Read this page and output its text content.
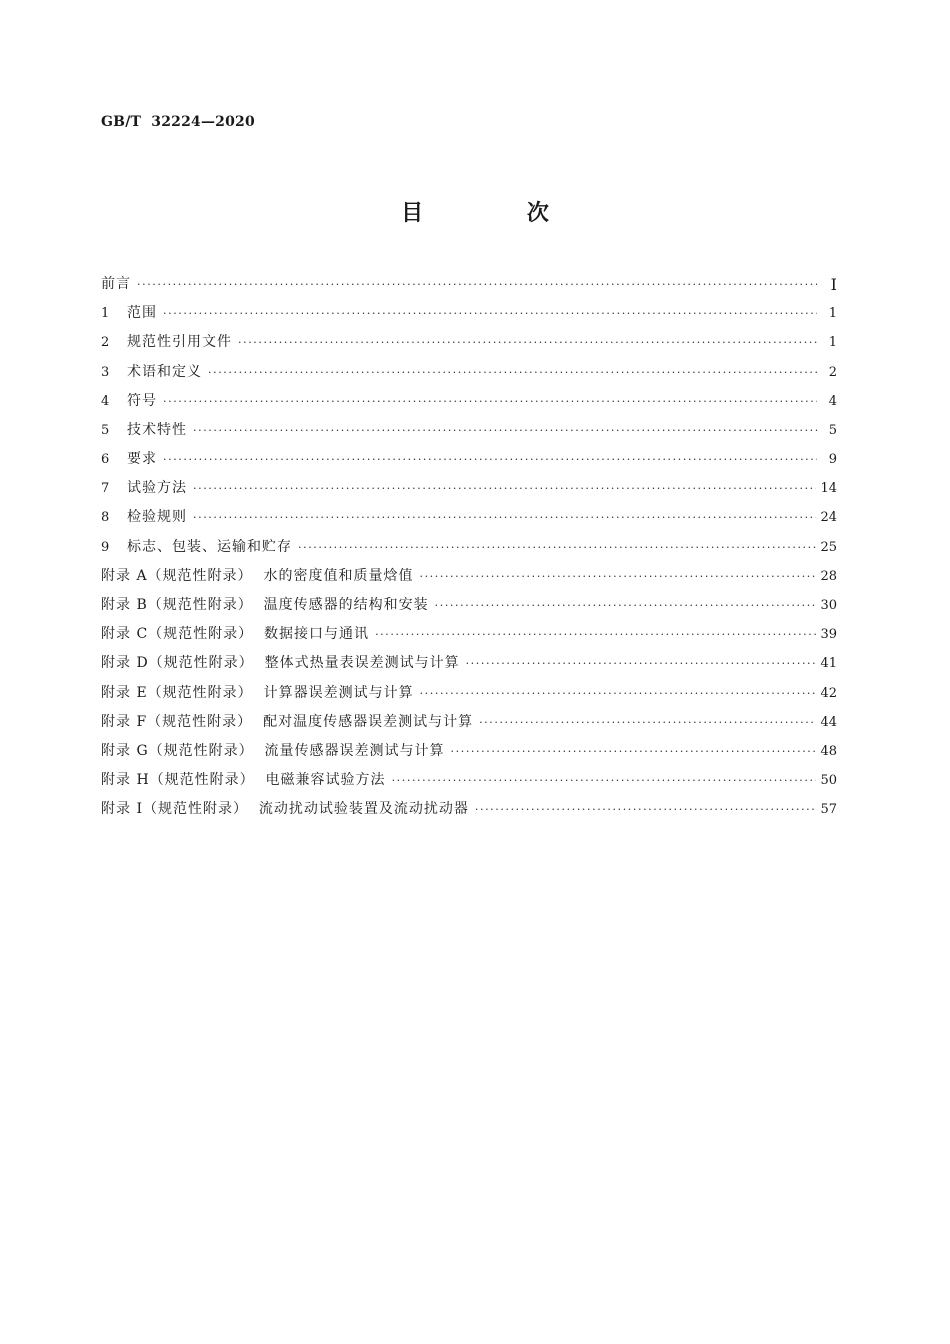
GB/T  32224—2020
目 次
前言 ·····	Ⅰ
1 范围 ·····	1
2 规范性引用文件 ·····	1
3 术语和定义 ·····	2
4 符号 ·····	4
5 技术特性 ·····	5
6 要求 ·····	9
7 试验方法 ·····	14
8 检验规则 ·····	24
9 标志、包装、运输和贮存 ·····	25
附录 A（规范性附录）  水的密度值和质量焓值 ·····	28
附录 B（规范性附录）  温度传感器的结构和安装 ·····	30
附录 C（规范性附录）  数据接口与通讯 ·····	39
附录 D（规范性附录）  整体式热量表误差测试与计算 ·····	41
附录 E（规范性附录）  计算器误差测试与计算 ·····	42
附录 F（规范性附录）  配对温度传感器误差测试与计算 ·····	44
附录 G（规范性附录）  流量传感器误差测试与计算 ·····	48
附录 H（规范性附录）  电磁兼容试验方法 ·····	50
附录 I（规范性附录）  流动扰动试验装置及流动扰动器 ·····	57
